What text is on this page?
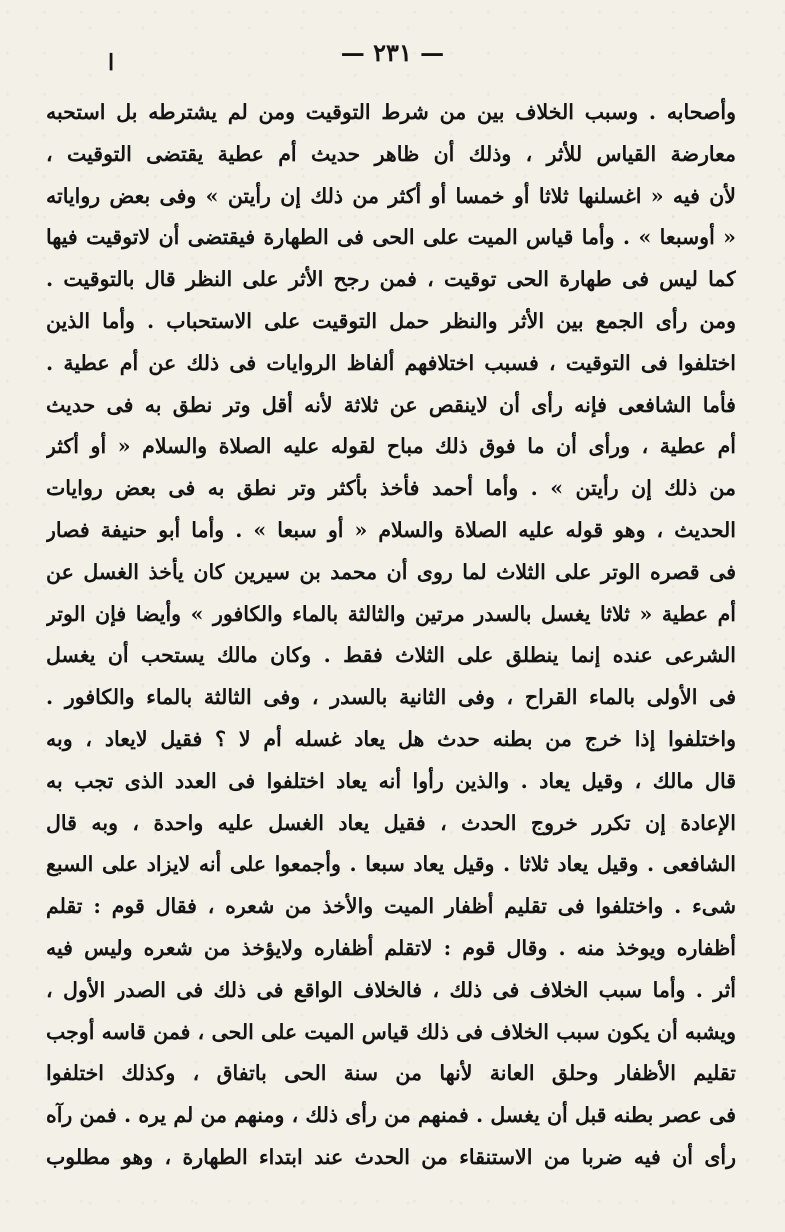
— ٢٣١ —
ا
وأصحابه . وسبب الخلاف بين من شرط التوقيت ومن لم يشترطه بل استحبه
معارضة القياس للأثر ، وذلك أن ظاهر حديث أم عطية يقتضى التوقيت ،
لأن فيه « اغسلنها ثلاثا أو خمسا أو أكثر من ذلك إن رأيتن » وفى بعض رواياته
« أوسبعا » . وأما قياس الميت على الحى فى الطهارة فيقتضى أن لاتوقيت فيها
كما ليس فى طهارة الحى توقيت ، فمن رجح الأثر على النظر قال بالتوقيت .
ومن رأى الجمع بين الأثر والنظر حمل التوقيت على الاستحباب . وأما الذين
اختلفوا فى التوقيت ، فسبب اختلافهم ألفاظ الروايات فى ذلك عن أم عطية .
فأما الشافعى فإنه رأى أن لاينقص عن ثلاثة لأنه أقل وتر نطق به فى حديث
أم عطية ، ورأى أن ما فوق ذلك مباح لقوله عليه الصلاة والسلام « أو أكثر
من ذلك إن رأيتن » . وأما أحمد فأخذ بأكثر وتر نطق به فى بعض روايات
الحديث ، وهو قوله عليه الصلاة والسلام « أو سبعا » . وأما أبو حنيفة فصار
فى قصره الوتر على الثلاث لما روى أن محمد بن سيرين كان يأخذ الغسل عن
أم عطية « ثلاثا يغسل بالسدر مرتين والثالثة بالماء والكافور » وأيضا فإن الوتر
الشرعى عنده إنما ينطلق على الثلاث فقط . وكان مالك يستحب أن يغسل
فى الأولى بالماء القراح ، وفى الثانية بالسدر ، وفى الثالثة بالماء والكافور .
واختلفوا إذا خرج من بطنه حدث هل يعاد غسله أم لا ؟ فقيل لايعاد ، وبه
قال مالك ، وقيل يعاد . والذين رأوا أنه يعاد اختلفوا فى العدد الذى تجب به
الإعادة إن تكرر خروج الحدث ، فقيل يعاد الغسل عليه واحدة ، وبه قال
الشافعى . وقيل يعاد ثلاثا . وقيل يعاد سبعا . وأجمعوا على أنه لايزاد على السبع
شىء . واختلفوا فى تقليم أظفار الميت والأخذ من شعره ، فقال قوم : تقلم
أظفاره ويوخذ منه . وقال قوم : لاتقلم أظفاره ولايؤخذ من شعره وليس فيه
أثر . وأما سبب الخلاف فى ذلك ، فالخلاف الواقع فى ذلك فى الصدر الأول ،
ويشبه أن يكون سبب الخلاف فى ذلك قياس الميت على الحى ، فمن قاسه أوجب
تقليم الأظفار وحلق العانة لأنها من سنة الحى باتفاق ، وكذلك اختلفوا
فى عصر بطنه قبل أن يغسل . فمنهم من رأى ذلك ، ومنهم من لم يره . فمن رآه
رأى أن فيه ضربا من الاستنقاء من الحدث عند ابتداء الطهارة ، وهو مطلوب
